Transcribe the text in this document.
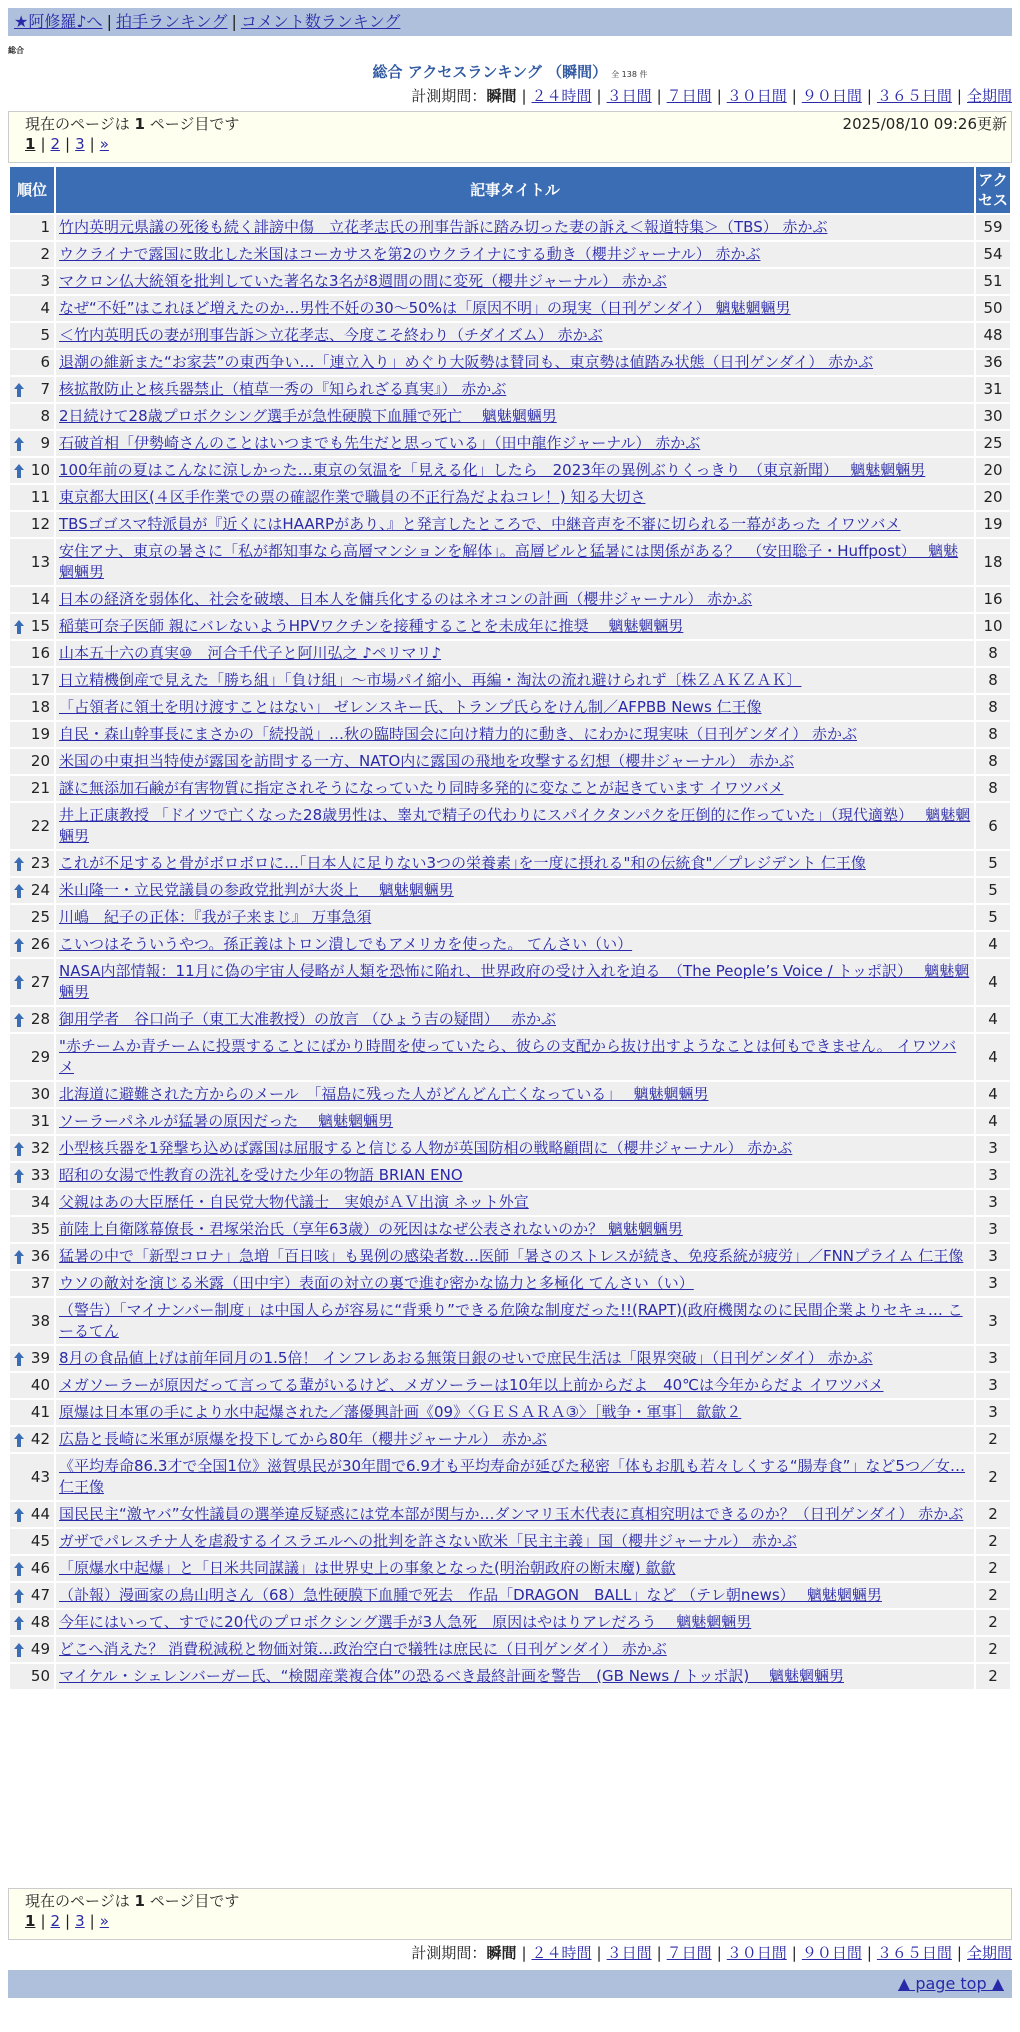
★阿修羅♪へ | 拍手ランキング | コメント数ランキング
総合
総合 アクセスランキング （瞬間） 全 138 件
計測期間：瞬間 | ２４時間 | ３日間 | ７日間 | ３０日間 | ９０日間 | ３６５日間 | 全期間
現在のページは 1 ページ目です	2025/08/10 09:26更新
1 | 2 | 3 | »
順位	記事タイトル	アクセス
1	竹内英明元県議の死後も続く誹謗中傷　立花孝志氏の刑事告訴に踏み切った妻の訴え＜報道特集＞（TBS） 赤かぶ	59
2	ウクライナで露国に敗北した米国はコーカサスを第2のウクライナにする動き（櫻井ジャーナル） 赤かぶ	54
3	マクロン仏大統領を批判していた著名な3名が8週間の間に変死（櫻井ジャーナル） 赤かぶ	51
4	なぜ“不妊”はこれほど増えたのか…男性不妊の30～50%は「原因不明」の現実（日刊ゲンダイ） 魑魅魍魎男	50
5	＜竹内英明氏の妻が刑事告訴＞立花孝志、今度こそ終わり（チダイズム） 赤かぶ	48
6	退潮の維新また“お家芸”の東西争い…「連立入り」めぐり大阪勢は賛同も、東京勢は値踏み状態（日刊ゲンダイ） 赤かぶ	36

7	核拡散防止と核兵器禁止（植草一秀の『知られざる真実』） 赤かぶ	31
8	2日続けて28歳プロボクシング選手が急性硬膜下血腫で死亡　 魑魅魍魎男	30

9	石破首相「伊勢崎さんのことはいつまでも先生だと思っている」（田中龍作ジャーナル） 赤かぶ	25

10	100年前の夏はこんなに涼しかった…東京の気温を「見える化」したら　2023年の異例ぶりくっきり　（東京新聞）　 魑魅魍魎男	20
11	東京都大田区(４区手作業での票の確認作業で職員の不正行為だよねコレ！) 知る大切さ	20
12	TBSゴゴスマ特派員が『近くにはHAARPがあり、』と発言したところで、中継音声を不審に切られる一幕があった イワツバメ	19
13	安住アナ、東京の暑さに「私が都知事なら高層マンションを解体」。高層ビルと猛暑には関係がある？　（安田聡子・Huffpost）　 魑魅魍魎男	18
14	日本の経済を弱体化、社会を破壊、日本人を傭兵化するのはネオコンの計画（櫻井ジャーナル） 赤かぶ	16

15	稲葉可奈子医師 親にバレないようHPVワクチンを接種することを未成年に推奨　 魑魅魍魎男	10
16	山本五十六の真実⑩　河合千代子と阿川弘之 ♪ペリマリ♪	8
17	日立精機倒産で見えた「勝ち組」「負け組」～市場パイ縮小、再編・淘汰の流れ避けられず〔株ＺＡＫＺＡＫ〕	8
18	「占領者に領土を明け渡すことはない」 ゼレンスキー氏、トランプ氏らをけん制／AFPBB News 仁王像	8
19	自民・森山幹事長にまさかの「続投説」…秋の臨時国会に向け精力的に動き、にわかに現実味（日刊ゲンダイ） 赤かぶ	8
20	米国の中東担当特使が露国を訪問する一方、NATO内に露国の飛地を攻撃する幻想（櫻井ジャーナル） 赤かぶ	8
21	謎に無添加石鹸が有害物質に指定されそうになっていたり同時多発的に変なことが起きています イワツバメ	8
22	井上正康教授 「ドイツで亡くなった28歳男性は、睾丸で精子の代わりにスパイクタンパクを圧倒的に作っていた」（現代適塾）　 魑魅魍魎男	6

23	これが不足すると骨がボロボロに…｢日本人に足りない3つの栄養素｣を一度に摂れる"和の伝統食"／プレジデント 仁王像	5

24	米山隆一・立民党議員の参政党批判が大炎上　 魑魅魍魎男	5
25	川嶋　紀子の正体：『我が子来まじ』 万事急須	5

26	こいつはそういうやつ。孫正義はトロン潰しでもアメリカを使った。 てんさい（い）	4

27	NASA内部情報：11月に偽の宇宙人侵略が人類を恐怖に陥れ、世界政府の受け入れを迫る　（The People’s Voice / トッポ訳）　 魑魅魍魎男	4

28	御用学者　谷口尚子（東工大准教授）の放言 （ひょう吉の疑問）　 赤かぶ	4
29	"赤チームか青チームに投票することにばかり時間を使っていたら、彼らの支配から抜け出すようなことは何もできません。 イワツバメ	4
30	北海道に避難された方からのメール　「福島に残った人がどんどん亡くなっている」　 魑魅魍魎男	4
31	ソーラーパネルが猛暑の原因だった　 魑魅魍魎男	4

32	小型核兵器を1発撃ち込めば露国は屈服すると信じる人物が英国防相の戦略顧問に（櫻井ジャーナル） 赤かぶ	3

33	昭和の女湯で性教育の洗礼を受けた少年の物語 BRIAN ENO	3
34	父親はあの大臣歴任・自民党大物代議士　実娘がＡＶ出演 ネット外宣	3
35	前陸上自衛隊幕僚長・君塚栄治氏（享年63歳）の死因はなぜ公表されないのか？ 魑魅魍魎男	3

36	猛暑の中で「新型コロナ」急増「百日咳」も異例の感染者数…医師「暑さのストレスが続き、免疫系統が疲労」／FNNプライム 仁王像	3
37	ウソの敵対を演じる米露（田中宇）表面の対立の裏で進む密かな協力と多極化 てんさい（い）	3
38	（警告）「マイナンバー制度」は中国人らが容易に“背乗り”できる危険な制度だった!!(RAPT)(政府機関なのに民間企業よりセキュ… こーるてん	3

39	8月の食品値上げは前年同月の1.5倍！ インフレあおる無策日銀のせいで庶民生活は「限界突破」（日刊ゲンダイ） 赤かぶ	3
40	メガソーラーが原因だって言ってる輩がいるけど、メガソーラーは10年以上前からだよ　40℃は今年からだよ イワツバメ	3
41	原爆は日本軍の手により水中起爆された／藩優興計画《09》〈ＧＥＳＡＲＡ③〉［戦争・軍事］ 歙歙２	3

42	広島と長崎に米軍が原爆を投下してから80年（櫻井ジャーナル） 赤かぶ	2
43	《平均寿命86.3才で全国1位》滋賀県民が30年間で6.9才も平均寿命が延びた秘密「体もお肌も若々しくする“腸寿食”」など5つ／女… 仁王像	2

44	国民民主“激ヤバ”女性議員の選挙違反疑惑には党本部が関与か…ダンマリ玉木代表に真相究明はできるのか？（日刊ゲンダイ） 赤かぶ	2
45	ガザでパレスチナ人を虐殺するイスラエルへの批判を許さない欧米「民主主義」国（櫻井ジャーナル） 赤かぶ	2

46	「原爆水中起爆」と「日米共同謀議」は世界史上の事象となった(明治朝政府の断末魔) 歙歙	2

47	（訃報）漫画家の鳥山明さん（68）急性硬膜下血腫で死去　作品「DRAGON　BALL」など （テレ朝news）　 魑魅魍魎男	2

48	今年にはいって、すでに20代のプロボクシング選手が3人急死　原因はやはりアレだろう　 魑魅魍魎男	2

49	どこへ消えた？ 消費税減税と物価対策…政治空白で犠牲は庶民に（日刊ゲンダイ） 赤かぶ	2
50	マイケル・シェレンバーガー氏、“検閲産業複合体”の恐るべき最終計画を警告　(GB News / トッポ訳)　 魑魅魍魎男	2
現在のページは 1 ページ目です
1 | 2 | 3 | »
計測期間：瞬間 | ２４時間 | ３日間 | ７日間 | ３０日間 | ９０日間 | ３６５日間 | 全期間
▲ page top ▲
